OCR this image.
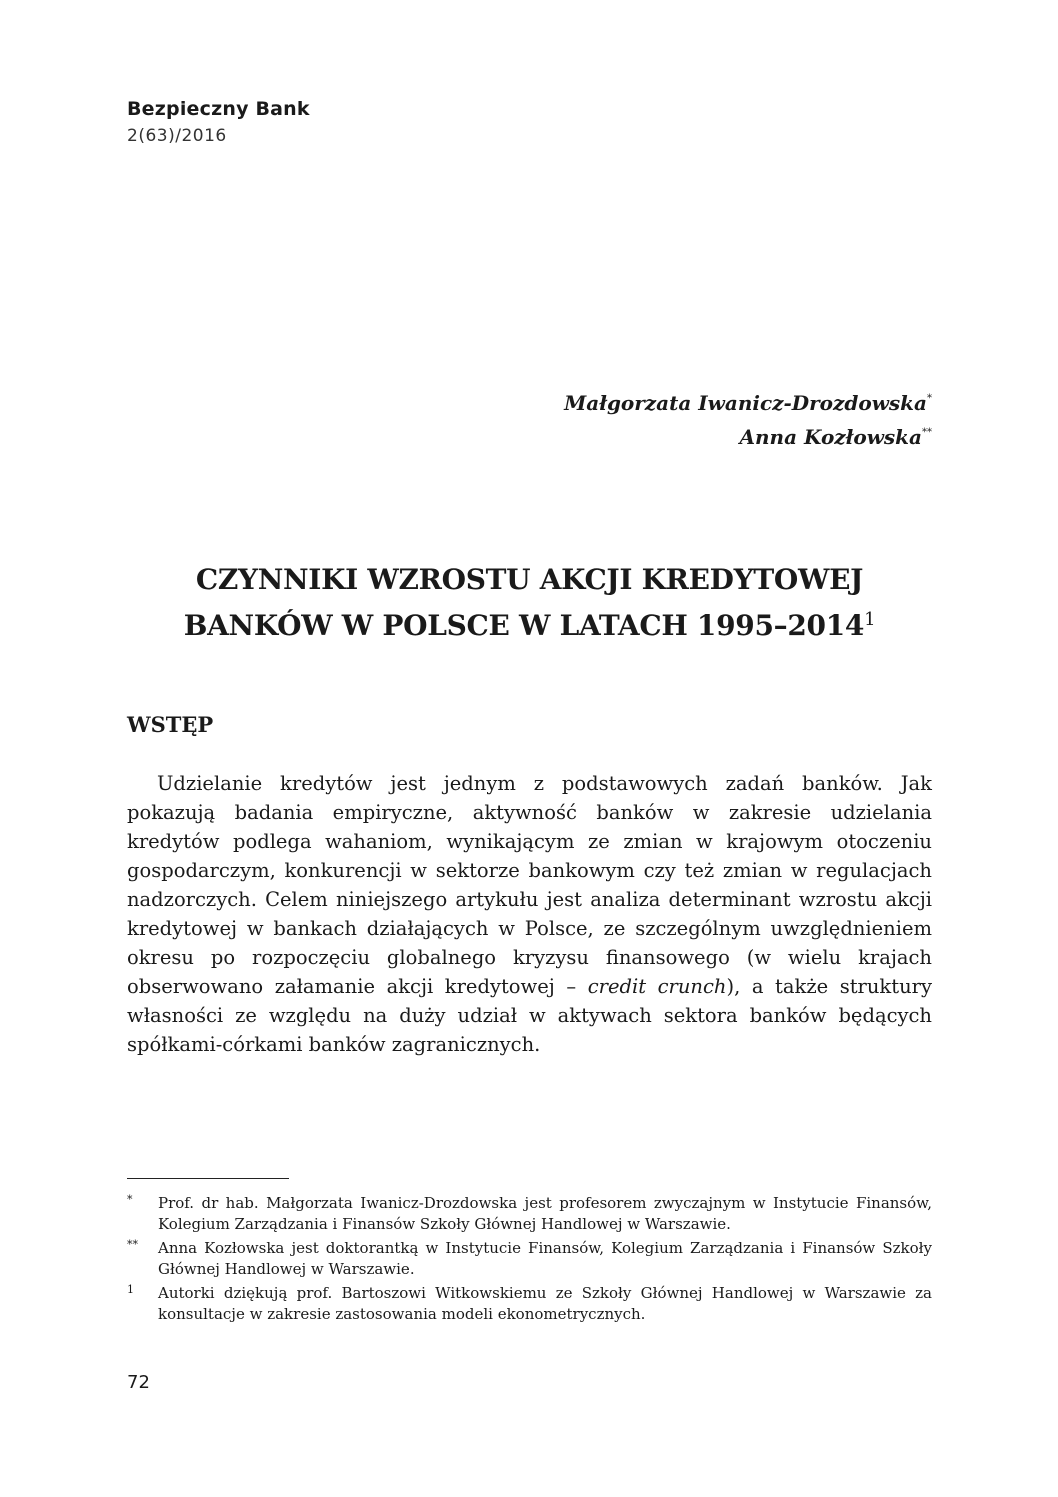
Bezpieczny Bank
2(63)/2016
Małgorzata Iwanicz-Drozdowska*
Anna Kozłowska**
CZYNNIKI WZROSTU AKCJI KREDYTOWEJ
BANKÓW W POLSCE W LATACH 1995–2014$^1$
WSTĘP

Udzielanie kredytów jest jednym z podstawowych zadań banków. Jak pokazują badania empiryczne, aktywność banków w zakresie udzielania kredytów podlega wahaniom, wynikającym ze zmian w krajowym otoczeniu gospodarczym, konkurencji w sektorze bankowym czy też zmian w regulacjach nadzorczych. Celem niniejszego artykułu jest analiza determinant wzrostu akcji kredytowej w bankach działających w Polsce, ze szczególnym uwzględnieniem okresu po rozpoczęciu globalnego kryzysu finansowego (w wielu krajach obserwowano załamanie akcji kredytowej – credit crunch), a także struktury własności ze względu na duży udział w aktywach sektora banków będących spółkami-córkami banków zagranicznych.

*	Prof. dr hab. Małgorzata Iwanicz-Drozdowska jest profesorem zwyczajnym w Instytucie Finansów, Kolegium Zarządzania i Finansów Szkoły Głównej Handlowej w Warszawie.
**	Anna Kozłowska jest doktorantką w Instytucie Finansów, Kolegium Zarządzania i Finansów Szkoły Głównej Handlowej w Warszawie.
1	Autorki dziękują prof. Bartoszowi Witkowskiemu ze Szkoły Głównej Handlowej w Warszawie za konsultacje w zakresie zastosowania modeli ekonometrycznych.
72
